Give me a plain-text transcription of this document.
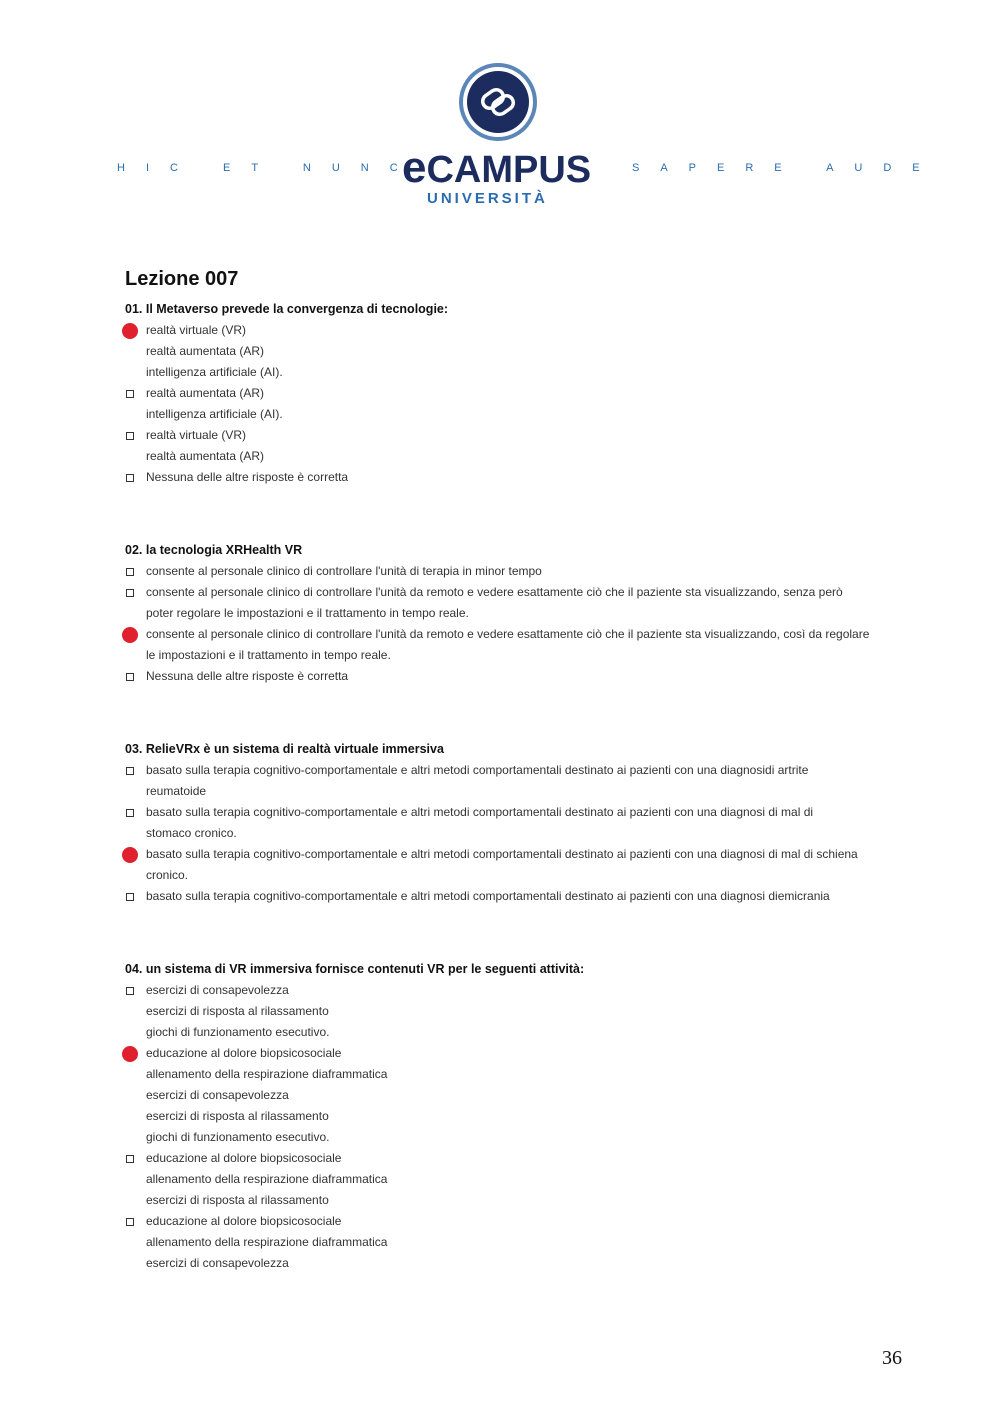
HIC ET NUNC
eCAMPUS
UNIVERSITÀ
SAPERE AUDE
Lezione 007
01. Il Metaverso prevede la convergenza di tecnologie:
realtà virtuale (VR)
realtà aumentata (AR)
intelligenza artificiale (AI).
realtà aumentata (AR)
intelligenza artificiale (AI).
realtà virtuale (VR)
realtà aumentata (AR)
Nessuna delle altre risposte è corretta
02. la tecnologia XRHealth VR
consente al personale clinico di controllare l'unità di terapia in minor tempo
consente al personale clinico di controllare l'unità da remoto e vedere esattamente ciò che il paziente sta visualizzando, senza però
poter regolare le impostazioni e il trattamento in tempo reale.
consente al personale clinico di controllare l'unità da remoto e vedere esattamente ciò che il paziente sta visualizzando, così da regolare
le impostazioni e il trattamento in tempo reale.
Nessuna delle altre risposte è corretta
03. RelieVRx è un sistema di realtà virtuale immersiva
basato sulla terapia cognitivo-comportamentale e altri metodi comportamentali destinato ai pazienti con una diagnosidi artrite
reumatoide
basato sulla terapia cognitivo-comportamentale e altri metodi comportamentali destinato ai pazienti con una diagnosi di mal di
stomaco cronico.
basato sulla terapia cognitivo-comportamentale e altri metodi comportamentali destinato ai pazienti con una diagnosi di mal di schiena
cronico.
basato sulla terapia cognitivo-comportamentale e altri metodi comportamentali destinato ai pazienti con una diagnosi diemicrania
04. un sistema di VR immersiva fornisce contenuti VR per le seguenti attività:
esercizi di consapevolezza
esercizi di risposta al rilassamento
giochi di funzionamento esecutivo.
educazione al dolore biopsicosociale
allenamento della respirazione diaframmatica
esercizi di consapevolezza
esercizi di risposta al rilassamento
giochi di funzionamento esecutivo.
educazione al dolore biopsicosociale
allenamento della respirazione diaframmatica
esercizi di risposta al rilassamento
educazione al dolore biopsicosociale
allenamento della respirazione diaframmatica
esercizi di consapevolezza
36
